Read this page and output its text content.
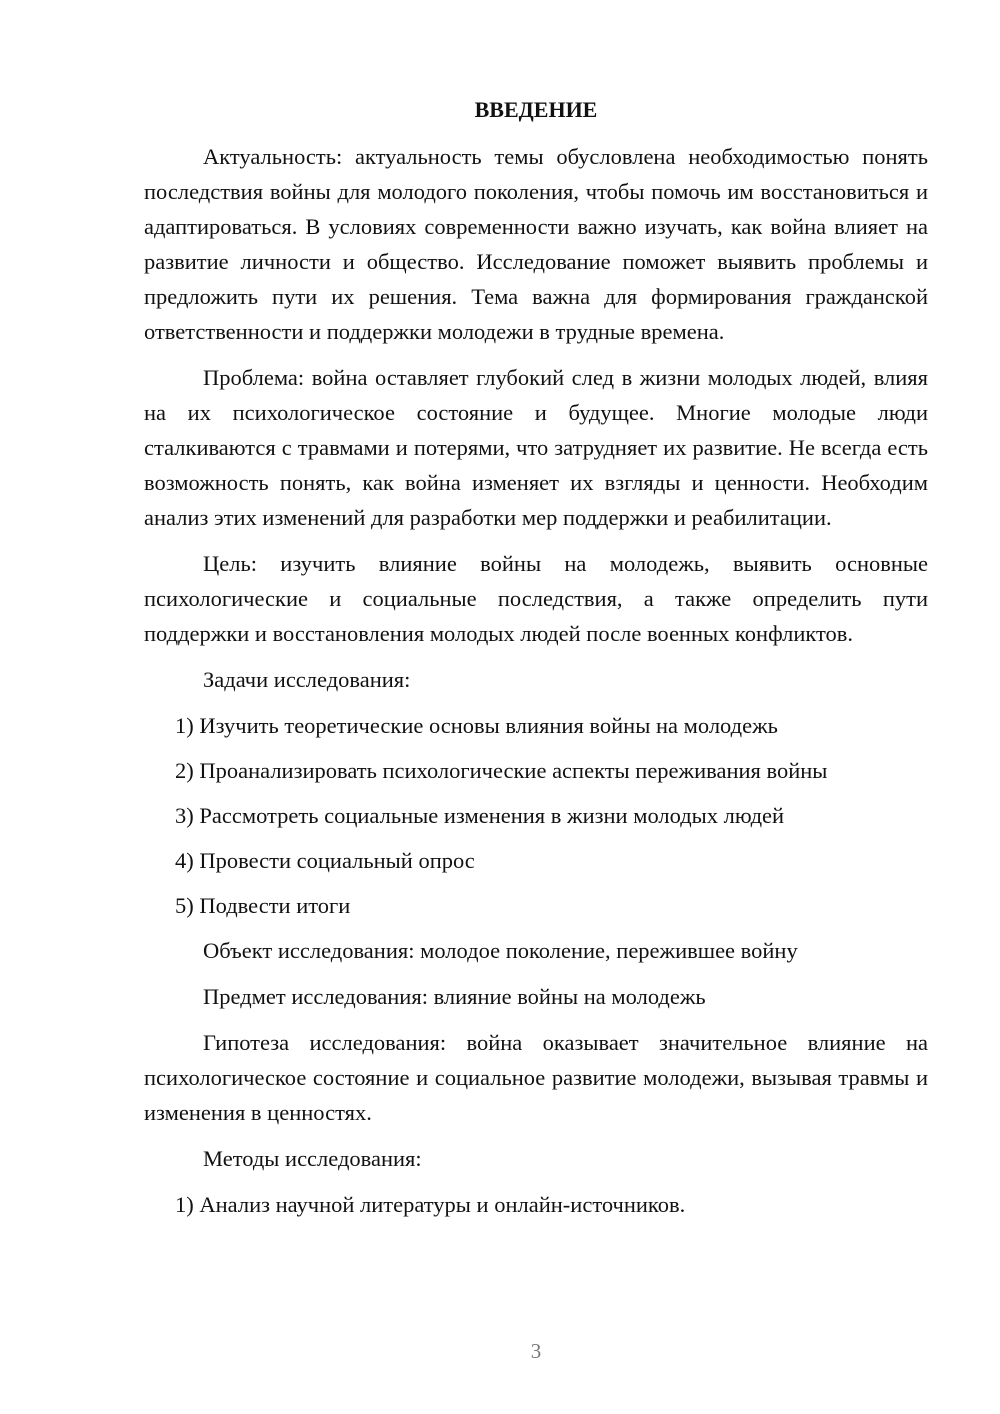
ВВЕДЕНИЕ

Актуальность: актуальность темы обусловлена необходимостью понять последствия войны для молодого поколения, чтобы помочь им восстановиться и адаптироваться. В условиях современности важно изучать, как война влияет на развитие личности и общество. Исследование поможет выявить проблемы и предложить пути их решения. Тема важна для формирования гражданской ответственности и поддержки молодежи в трудные времена.

Проблема: война оставляет глубокий след в жизни молодых людей, влияя на их психологическое состояние и будущее. Многие молодые люди сталкиваются с травмами и потерями, что затрудняет их развитие. Не всегда есть возможность понять, как война изменяет их взгляды и ценности. Необходим анализ этих изменений для разработки мер поддержки и реабилитации.

Цель: изучить влияние войны на молодежь, выявить основные психологические и социальные последствия, а также определить пути поддержки и восстановления молодых людей после военных конфликтов.

Задачи исследования:

1) Изучить теоретические основы влияния войны на молодежь
2) Проанализировать психологические аспекты переживания войны
3) Рассмотреть социальные изменения в жизни молодых людей
4) Провести социальный опрос
5) Подвести итоги

Объект исследования: молодое поколение, пережившее войну

Предмет исследования: влияние войны на молодежь

Гипотеза исследования: война оказывает значительное влияние на психологическое состояние и социальное развитие молодежи, вызывая травмы и изменения в ценностях.

Методы исследования:

1) Анализ научной литературы и онлайн-источников.
3
